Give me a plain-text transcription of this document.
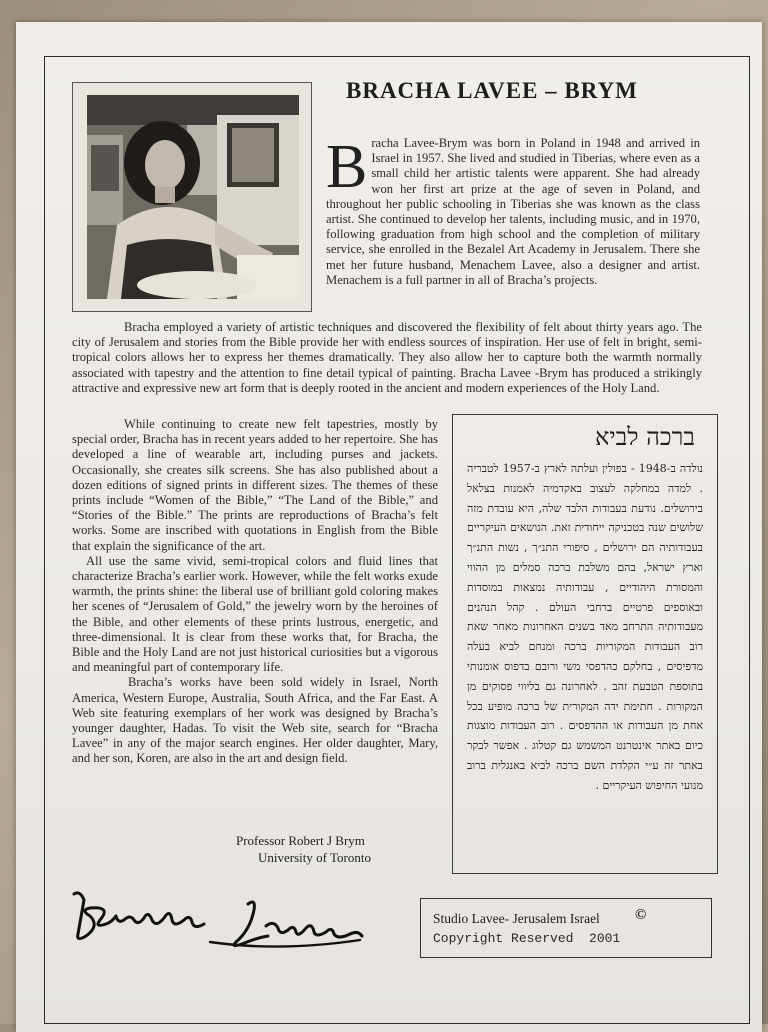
BRACHA LAVEE – BRYM
Bracha Lavee-Brym was born in Poland in 1948 and arrived in Israel in 1957. She lived and studied in Tiberias, where even as a small child her artistic talents were apparent. She had already won her first art prize at the age of seven in Poland, and throughout her public schooling in Tiberias she was known as the class artist. She continued to develop her talents, including music, and in 1970, following graduation from high school and the completion of military service, she enrolled in the Bezalel Art Academy in Jerusalem. There she met her future husband, Menachem Lavee, also a designer and artist. Menachem is a full partner in all of Bracha’s projects.
Bracha employed a variety of artistic techniques and discovered the flexibility of felt about thirty years ago. The city of Jerusalem and stories from the Bible provide her with endless sources of inspiration. Her use of felt in bright, semi-tropical colors allows her to express her themes dramatically. They also allow her to capture both the warmth normally associated with tapestry and the attention to fine detail typical of painting. Bracha Lavee -Brym has produced a strikingly attractive and expressive new art form that is deeply rooted in the ancient and modern experiences of the Holy Land.

While continuing to create new felt tapestries, mostly by special order, Bracha has in recent years added to her repertoire. She has developed a line of wearable art, including purses and jackets. Occasionally, she creates silk screens. She has also published about a dozen editions of signed prints in different sizes. The themes of these prints include “Women of the Bible,” “The Land of the Bible,” and “Stories of the Bible.” The prints are reproductions of Bracha’s felt works. Some are inscribed with quotations in English from the Bible that explain the significance of the art.

All use the same vivid, semi-tropical colors and fluid lines that characterize Bracha’s earlier work. However, while the felt works exude warmth, the prints shine: the liberal use of brilliant gold coloring makes her scenes of “Jerusalem of Gold,” the jewelry worn by the heroines of the Bible, and other elements of these prints lustrous, energetic, and three-dimensional. It is clear from these works that, for Bracha, the Bible and the Holy Land are not just historical curiosities but a vigorous and meaningful part of contemporary life.

Bracha’s works have been sold widely in Israel, North America, Western Europe, Australia, South Africa, and the Far East. A Web site featuring exemplars of her work was designed by Bracha’s younger daughter, Hadas. To visit the Web site, search for “Bracha Lavee” in any of the major search engines. Her older daughter, Mary, and her son, Koren, are also in the art and design field.

Professor Robert J Brym
University of Toronto
ברכה לביא
נולדה ב-1948 - בפולין ועלתה לארץ ב-1957 לטבריה . למדה במחלקה לעצוב באקדמיה לאמנות בצלאל בירושלים. נודעת בעבודות הלבד שלה, היא עובדת מזה שלושים שנה בטכניקה ייחודית זאת. הנושאים העיקריים בעבודותיה הם ירושלים , סיפורי התנ״ך , נשות התנ״ך וארץ ישראל, בהם משלבת ברכה סמלים מן ההווי והמסורת היהודיים , עבודותיה נמצאות במוסדות ובאוספים פרטיים ברחבי העולם . קהל הנהנים מעבודותיה התרחב מאד בשנים האחרונות מאחר שאת רוב העבודות המקוריות ברכה ומנחם לביא בעלה מדפיסים , בחלקם כהדפסי משי ורובם בדפוס אומנותי בתוספת הטבעת זהב . לאחרונה גם בליווי פסוקים מן המקורות . חתימת ידה המקורית של ברכה מופיע בכל אחת מן העבודות או ההדפסים . רוב העבודות מוצגות כיום באתר אינטרנט המשמש גם קטלוג . אפשר לבקר באתר זה ע״י הקלדת השם ברכה לביא באנגלית ברוב מנועי החיפוש העיקריים .
Studio Lavee- Jerusalem Israel ©
Copyright Reserved  2001
